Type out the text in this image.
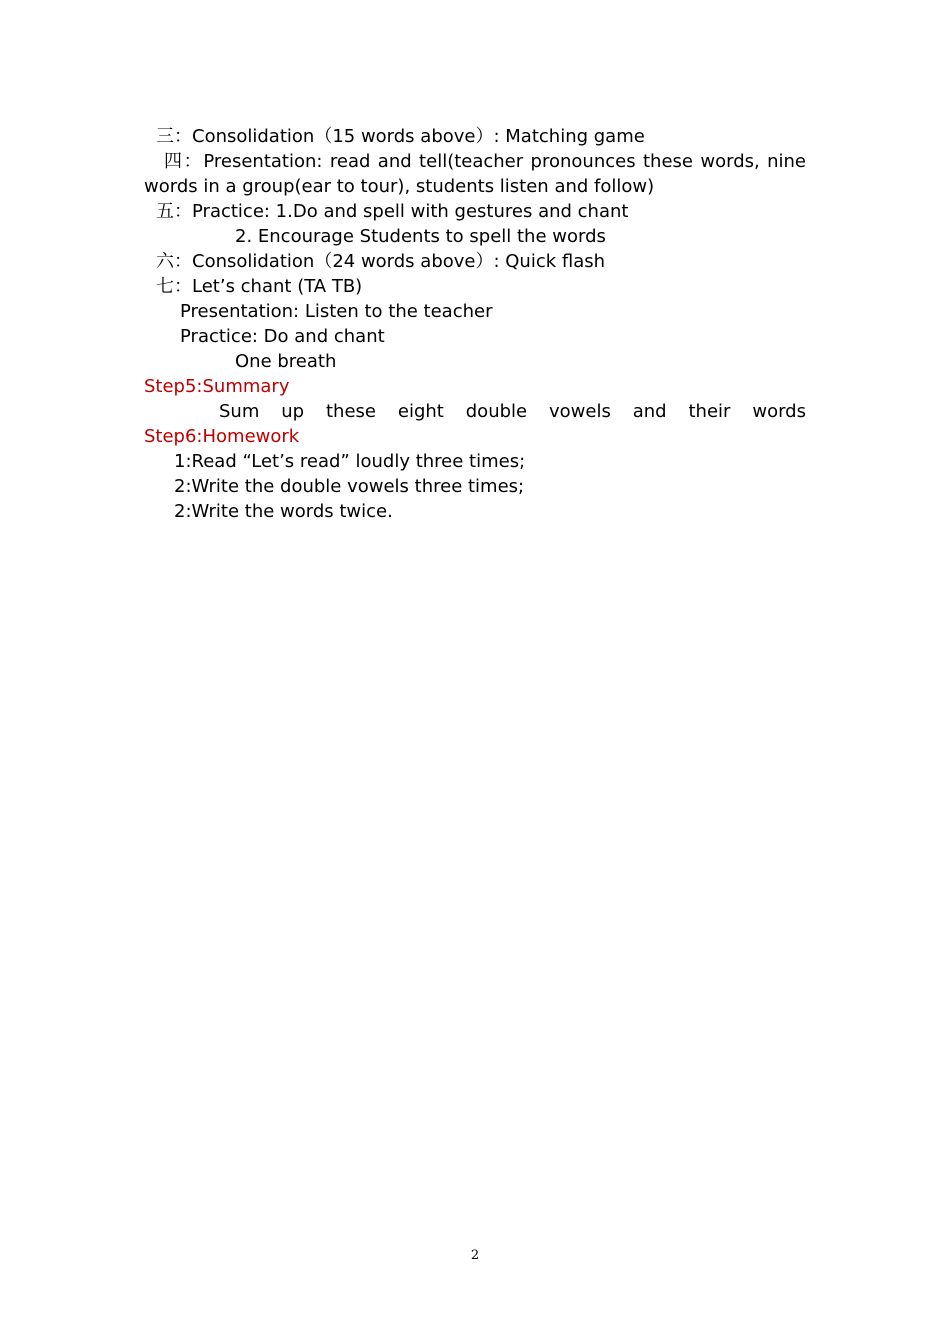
三：Consolidation（15 words above）: Matching game
四：Presentation: read and tell(teacher pronounces these words, nine words in a group(ear to tour), students listen and follow)
五：Practice: 1.Do and spell with gestures and chant
2. Encourage Students to spell the words
六：Consolidation（24 words above）: Quick flash
七：Let’s chant (TA TB)
Presentation: Listen to the teacher
Practice: Do and chant
One breath
Step5:Summary
Sum up these eight double vowels and their words
Step6:Homework
1:Read “Let’s read” loudly three times;
2:Write the double vowels three times;
2:Write the words twice.
2
